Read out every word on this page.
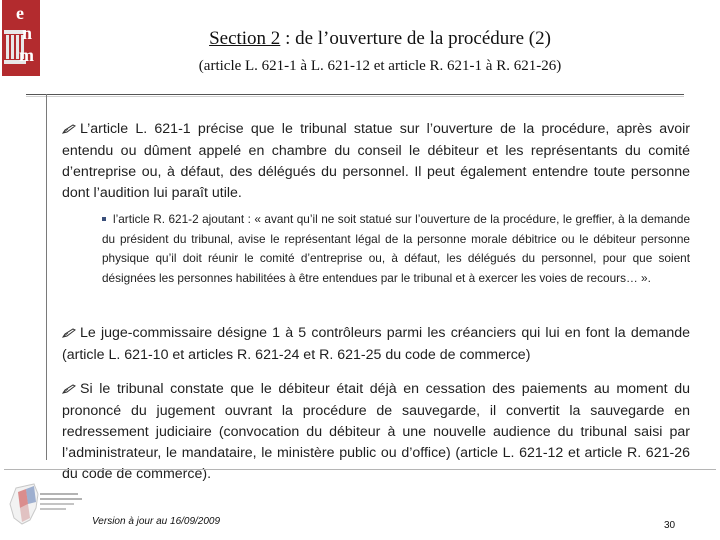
e
n
m
Section 2 : de l’ouverture de la procédure (2)
(article L. 621-1 à L. 621-12 et article R. 621-1 à R. 621-26)
L’article L. 621-1 précise que le tribunal statue sur l’ouverture de la procédure, après avoir entendu ou dûment appelé en chambre du conseil le débiteur et les représentants du comité d’entreprise ou, à défaut, des délégués du personnel. Il peut également entendre toute personne dont l’audition lui paraît utile.
l’article R. 621-2 ajoutant : « avant qu’il ne soit statué sur l’ouverture de la procédure, le greffier, à la demande du président du tribunal, avise le représentant légal de la personne morale débitrice ou le débiteur personne physique qu’il doit réunir le comité d’entreprise ou, à défaut, les délégués du personnel, pour que soient désignées les personnes habilitées à être entendues par le tribunal et à exercer les voies de recours… ».
Le juge-commissaire désigne 1 à 5 contrôleurs parmi les créanciers qui lui en font la demande (article L. 621-10 et articles R. 621-24 et R. 621-25 du code de commerce)
Si le tribunal constate que le débiteur était déjà en cessation des paiements au moment du prononcé du jugement ouvrant la procédure de sauvegarde, il convertit la sauvegarde en redressement judiciaire (convocation du débiteur à une nouvelle audience du tribunal saisi par l’administrateur, le mandataire, le ministère public ou d’office) (article L. 621-12 et article R. 621-26 du code de commerce).
Version à jour au 16/09/2009	30
